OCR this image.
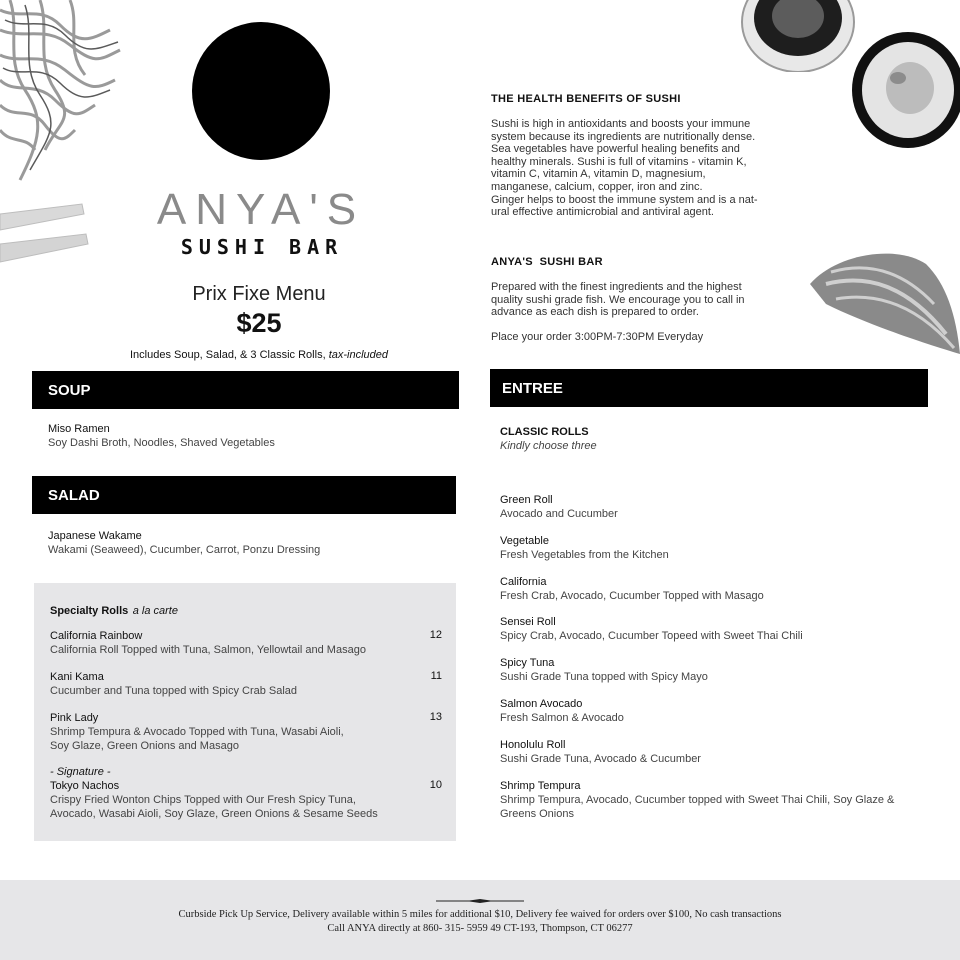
ANYA'S
SUSHI BAR
Prix Fixe Menu
$25
Includes Soup, Salad, & 3 Classic Rolls, tax-included
THE HEALTH BENEFITS OF SUSHI
Sushi is high in antioxidants and boosts your immune
system because its ingredients are nutritionally dense.
Sea vegetables have powerful healing benefits and
healthy minerals. Sushi is full of vitamins - vitamin K,
vitamin C, vitamin A, vitamin D, magnesium,
manganese, calcium, copper, iron and zinc.
Ginger helps to boost the immune system and is a nat-
ural effective antimicrobial and antiviral agent.
ANYA'S  SUSHI BAR
Prepared with the finest ingredients and the highest
quality sushi grade fish. We encourage you to call in
advance as each dish is prepared to order.
Place your order 3:00PM-7:30PM Everyday
SOUP
Miso Ramen
Soy Dashi Broth, Noodles, Shaved Vegetables
SALAD
Japanese Wakame
Wakami (Seaweed), Cucumber, Carrot, Ponzu Dressing
Specialty Rolls a la carte
California Rainbow	12
California Roll Topped with Tuna, Salmon, Yellowtail and Masago
Kani Kama	11
Cucumber and Tuna topped with Spicy Crab Salad
Pink Lady	13
Shrimp Tempura & Avocado Topped with Tuna, Wasabi Aioli,
Soy Glaze, Green Onions and Masago
- Signature -
Tokyo Nachos	10
Crispy Fried Wonton Chips Topped with Our Fresh Spicy Tuna,
Avocado, Wasabi Aioli, Soy Glaze, Green Onions & Sesame Seeds
ENTREE
CLASSIC ROLLS
Kindly choose three
Green Roll
Avocado and Cucumber
Vegetable
Fresh Vegetables from the Kitchen
California
Fresh Crab, Avocado, Cucumber Topped with Masago
Sensei Roll
Spicy Crab, Avocado, Cucumber Topeed with Sweet Thai Chili
Spicy Tuna
Sushi Grade Tuna topped with Spicy Mayo
Salmon Avocado
Fresh Salmon & Avocado
Honolulu Roll
Sushi Grade Tuna, Avocado & Cucumber
Shrimp Tempura
Shrimp Tempura, Avocado, Cucumber topped with Sweet Thai Chili, Soy Glaze &
Greens Onions
Curbside Pick Up Service, Delivery available within 5 miles for additional $10, Delivery fee waived for orders over $100, No cash transactions
Call ANYA directly at 860- 315- 5959 49 CT-193, Thompson, CT 06277
